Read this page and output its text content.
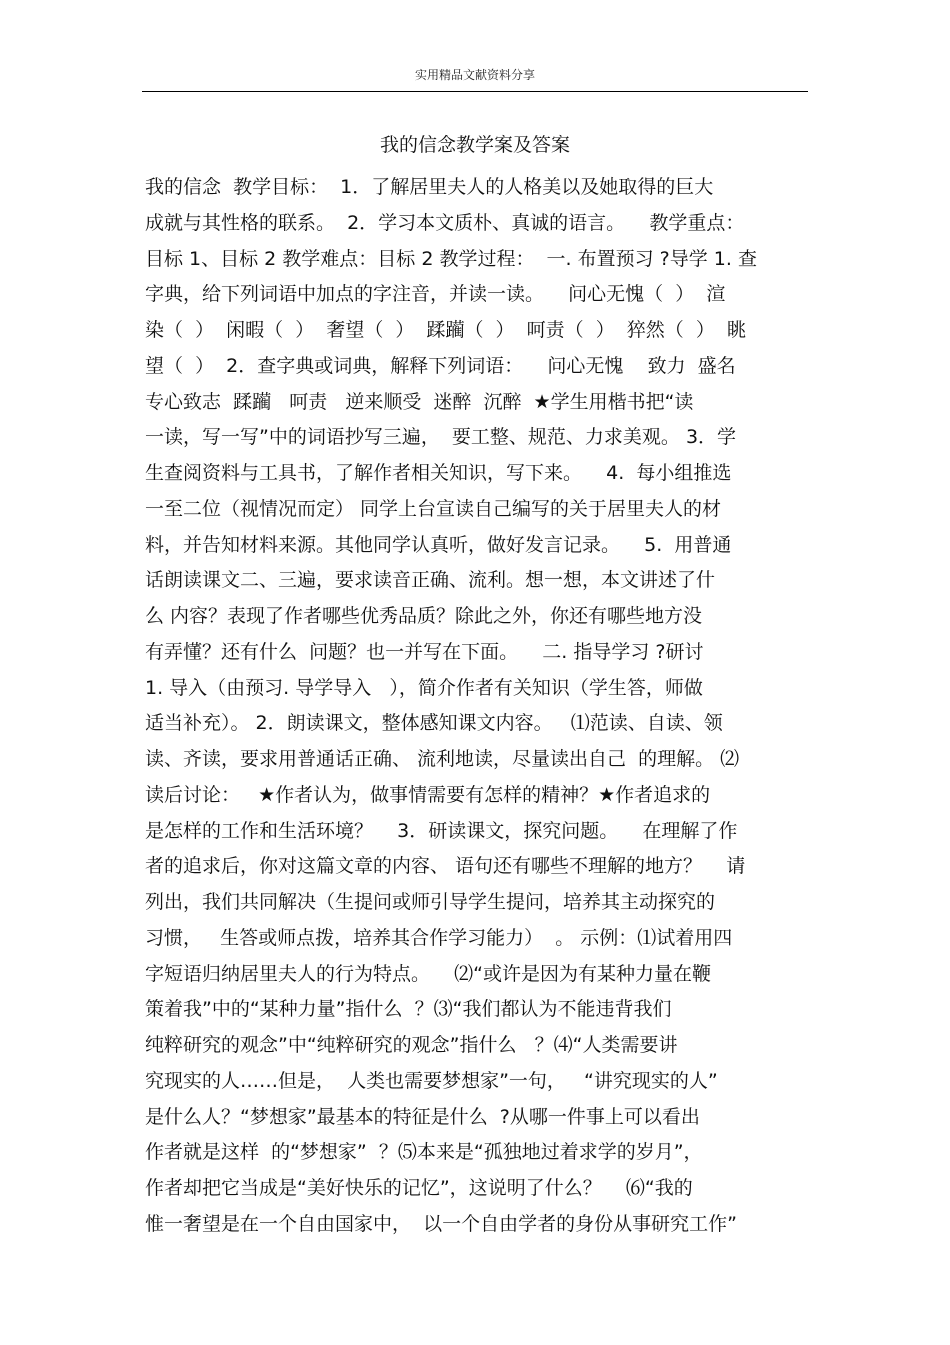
实用精品文献资料分享
我的信念教学案及答案
我的信念  教学目标：  1．了解居里夫人的人格美以及她取得的巨大
成就与其性格的联系。  2．学习本文质朴、真诚的语言。    教学重点：
目标 1、目标 2 教学难点：目标 2 教学过程：  一. 布置预习 ?导学 1. 查
字典，给下列词语中加点的字注音，并读一读。    问心无愧（  ）  渲
染（  ）  闲暇（  ）  奢望（  ）  蹂躏（  ）  呵责（  ）  猝然（  ）  眺
望（  ）  2．查字典或词典，解释下列词语：    问心无愧    致力  盛名
专心致志  蹂躏   呵责   逆来顺受  迷醉  沉醉  ★学生用楷书把“读
一读，写一写”中的词语抄写三遍，  要工整、规范、力求美观。 3．学
生查阅资料与工具书，了解作者相关知识，写下来。    4.  每小组推选
一至二位（视情况而定） 同学上台宣读自己编写的关于居里夫人的材
料，并告知材料来源。其他同学认真听，做好发言记录。    5.  用普通
话朗读课文二、三遍，要求读音正确、流利。想一想，本文讲述了什
么 内容？表现了作者哪些优秀品质？除此之外，你还有哪些地方没
有弄懂？还有什么  问题？也一并写在下面。    二. 指导学习 ?研讨
1. 导入（由预习. 导学导入   ），简介作者有关知识（学生答，师做
适当补充）。 2．朗读课文，整体感知课文内容。   ⑴范读、自读、领
读、齐读，要求用普通话正确、 流利地读，尽量读出自己  的理解。 ⑵
读后讨论：   ★作者认为，做事情需要有怎样的精神？★作者追求的
是怎样的工作和生活环境？    3．研读课文，探究问题。    在理解了作
者的追求后，你对这篇文章的内容、 语句还有哪些不理解的地方？    请
列出，我们共同解决（生提问或师引导学生提问，培养其主动探究的
习惯，   生答或师点拨，培养其合作学习能力）  。 示例：⑴试着用四
字短语归纳居里夫人的行为特点。    ⑵“或许是因为有某种力量在鞭
策着我”中的“某种力量”指什么  ？⑶“我们都认为不能违背我们
纯粹研究的观念”中“纯粹研究的观念”指什么   ？⑷“人类需要讲
究现实的人……但是，  人类也需要梦想家”一句，   “讲究现实的人”
是什么人？“梦想家”最基本的特征是什么  ?从哪一件事上可以看出
作者就是这样  的“梦想家”  ？⑸本来是“孤独地过着求学的岁月”，
作者却把它当成是“美好快乐的记忆”，这说明了什么？    ⑹“我的
惟一奢望是在一个自由国家中，  以一个自由学者的身份从事研究工作”
